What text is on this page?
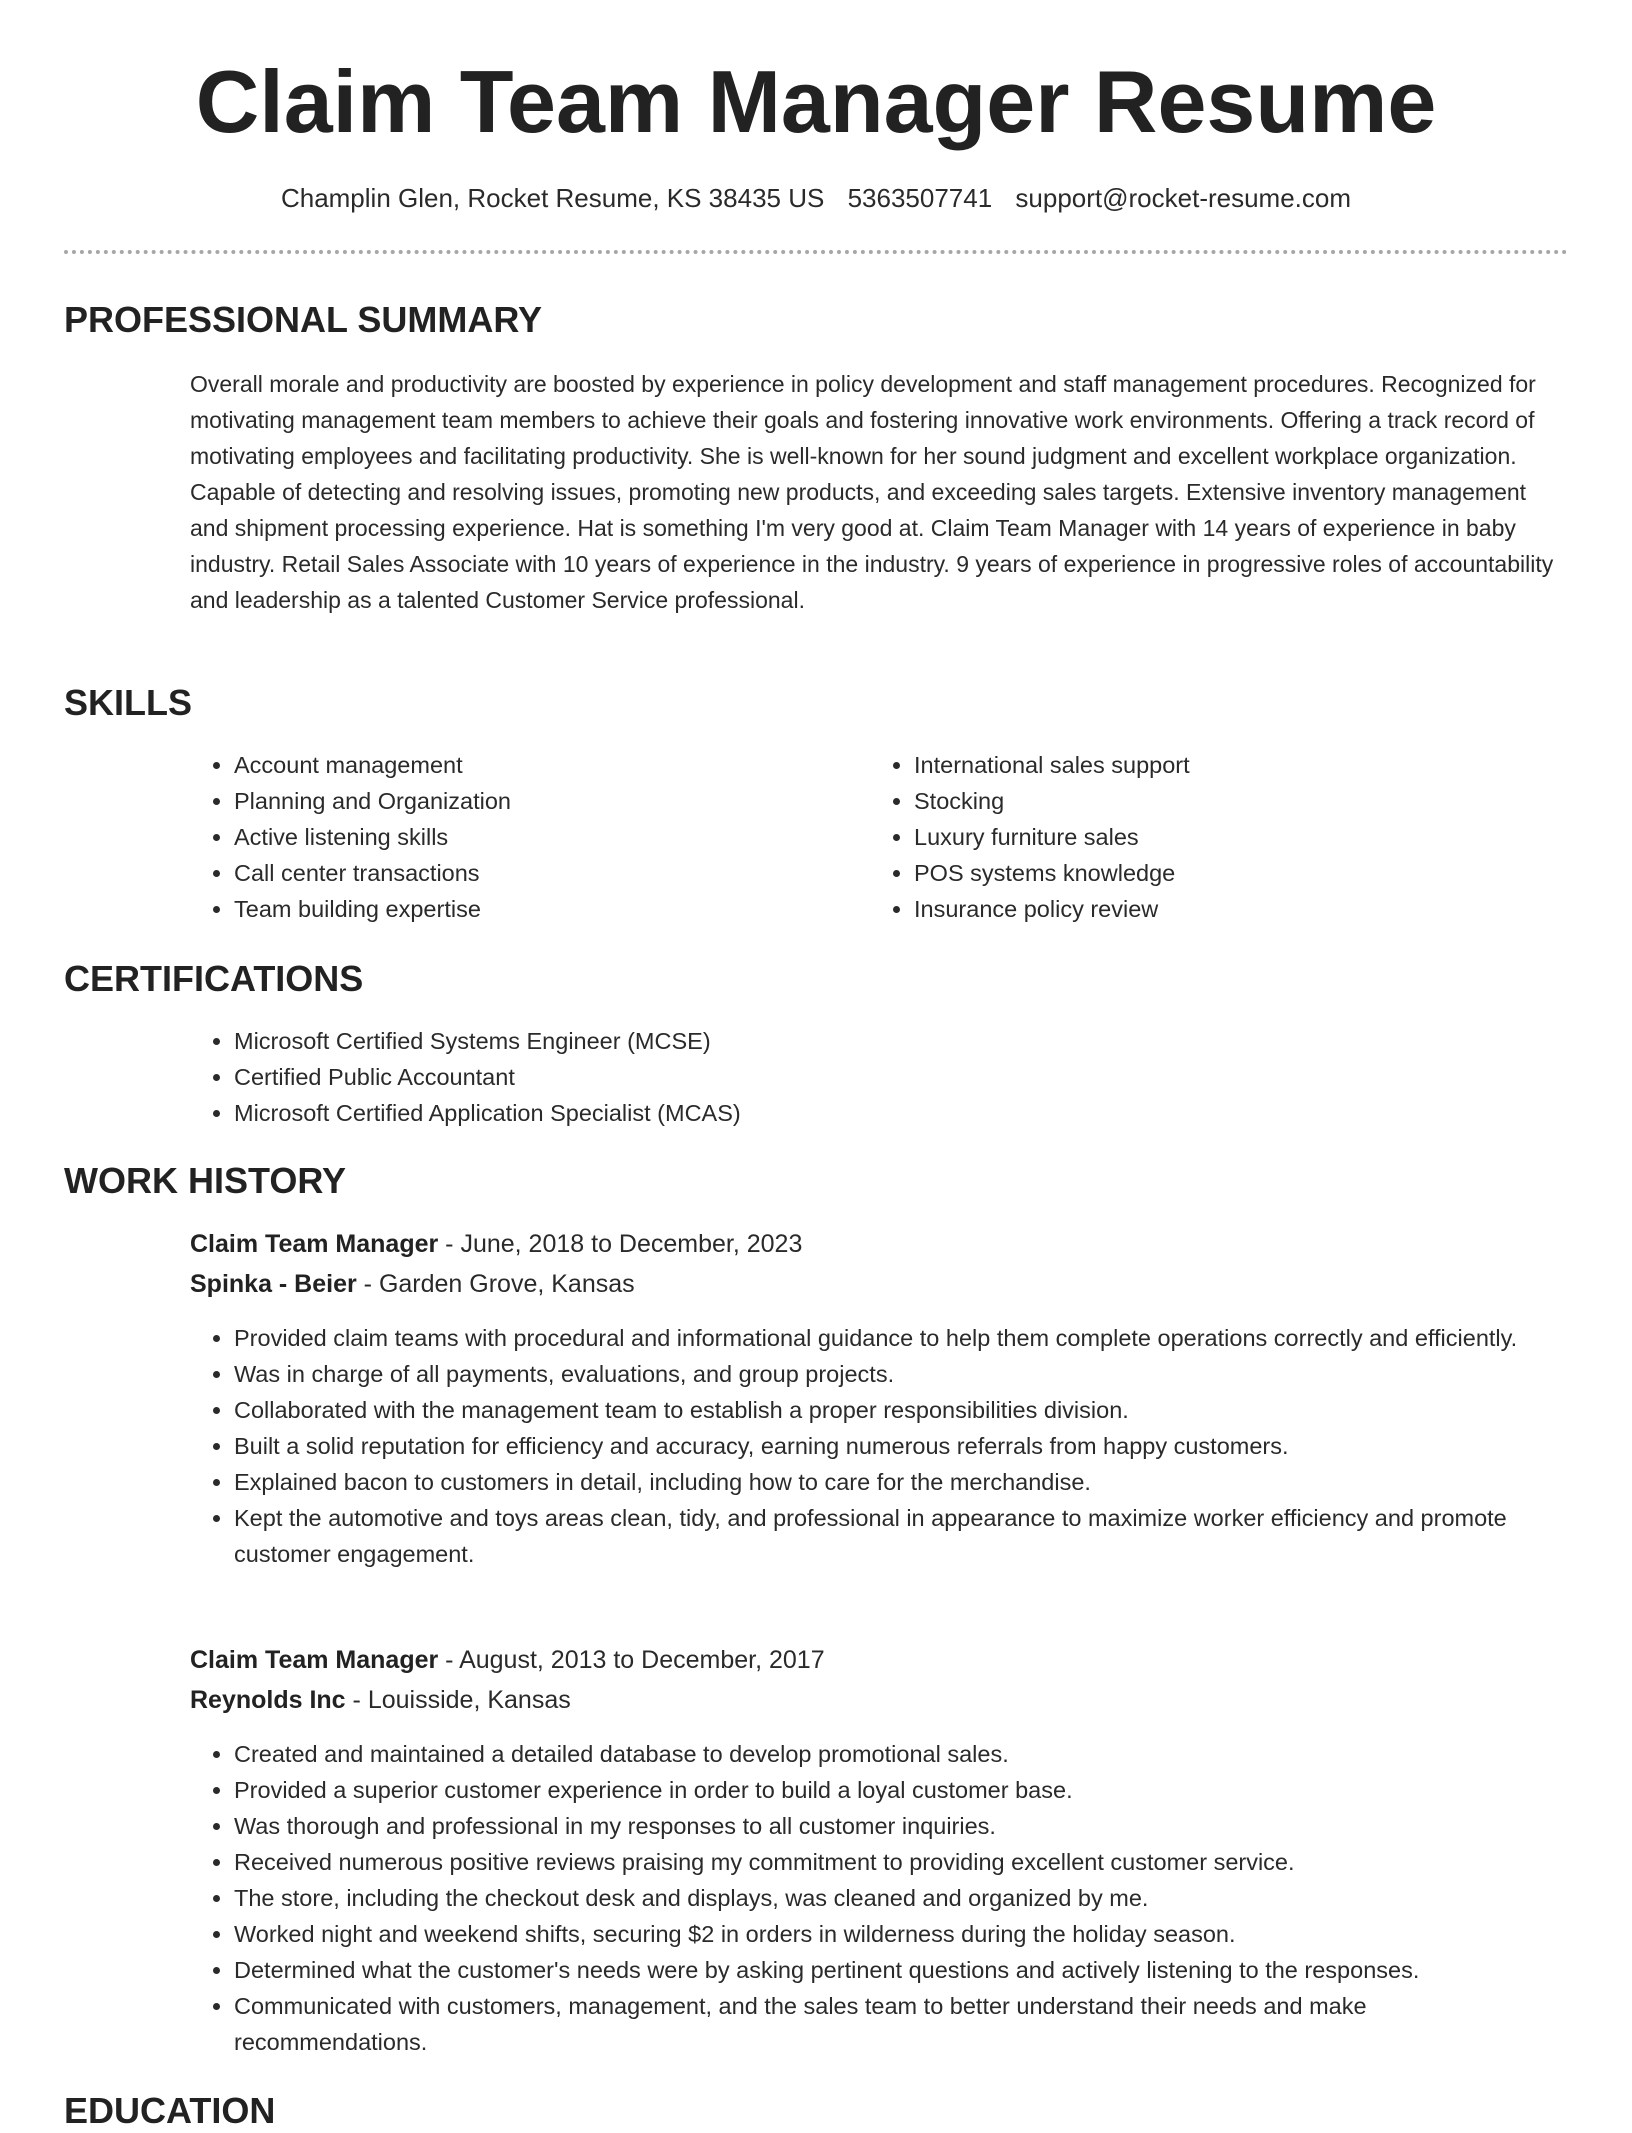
Claim Team Manager Resume
Champlin Glen, Rocket Resume, KS 38435 US 5363507741 support@rocket-resume.com
PROFESSIONAL SUMMARY

Overall morale and productivity are boosted by experience in policy development and staff management procedures. Recognized for motivating management team members to achieve their goals and fostering innovative work environments. Offering a track record of motivating employees and facilitating productivity. She is well-known for her sound judgment and excellent workplace organization. Capable of detecting and resolving issues, promoting new products, and exceeding sales targets. Extensive inventory management and shipment processing experience. Hat is something I'm very good at. Claim Team Manager with 14 years of experience in baby industry. Retail Sales Associate with 10 years of experience in the industry. 9 years of experience in progressive roles of accountability and leadership as a talented Customer Service professional.

SKILLS
• Account management
• Planning and Organization
• Active listening skills
• Call center transactions
• Team building expertise
• International sales support
• Stocking
• Luxury furniture sales
• POS systems knowledge
• Insurance policy review
CERTIFICATIONS
• Microsoft Certified Systems Engineer (MCSE)
• Certified Public Accountant
• Microsoft Certified Application Specialist (MCAS)
WORK HISTORY

Claim Team Manager - June, 2018 to December, 2023

Spinka - Beier - Garden Grove, Kansas

• Provided claim teams with procedural and informational guidance to help them complete operations correctly and efficiently.
• Was in charge of all payments, evaluations, and group projects.
• Collaborated with the management team to establish a proper responsibilities division.
• Built a solid reputation for efficiency and accuracy, earning numerous referrals from happy customers.
• Explained bacon to customers in detail, including how to care for the merchandise.
• Kept the automotive and toys areas clean, tidy, and professional in appearance to maximize worker efficiency and promote customer engagement.

Claim Team Manager - August, 2013 to December, 2017

Reynolds Inc - Louisside, Kansas

• Created and maintained a detailed database to develop promotional sales.
• Provided a superior customer experience in order to build a loyal customer base.
• Was thorough and professional in my responses to all customer inquiries.
• Received numerous positive reviews praising my commitment to providing excellent customer service.
• The store, including the checkout desk and displays, was cleaned and organized by me.
• Worked night and weekend shifts, securing $2 in orders in wilderness during the holiday season.
• Determined what the customer's needs were by asking pertinent questions and actively listening to the responses.
• Communicated with customers, management, and the sales team to better understand their needs and make recommendations.
EDUCATION
